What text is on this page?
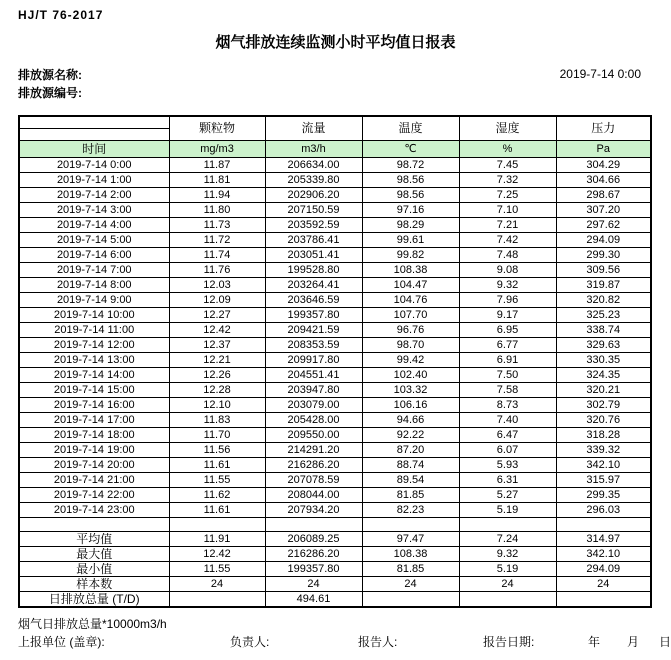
HJ/T 76-2017
烟气排放连续监测小时平均值日报表
排放源名称:	2019-7-14 0:00
排放源编号:
	颗粒物	流量	温度	湿度	压力

时间	mg/m3	m3/h	℃	%	Pa
2019-7-14 0:00	11.87	206634.00	98.72	7.45	304.29
2019-7-14 1:00	11.81	205339.80	98.56	7.32	304.66
2019-7-14 2:00	11.94	202906.20	98.56	7.25	298.67
2019-7-14 3:00	11.80	207150.59	97.16	7.10	307.20
2019-7-14 4:00	11.73	203592.59	98.29	7.21	297.62
2019-7-14 5:00	11.72	203786.41	99.61	7.42	294.09
2019-7-14 6:00	11.74	203051.41	99.82	7.48	299.30
2019-7-14 7:00	11.76	199528.80	108.38	9.08	309.56
2019-7-14 8:00	12.03	203264.41	104.47	9.32	319.87
2019-7-14 9:00	12.09	203646.59	104.76	7.96	320.82
2019-7-14 10:00	12.27	199357.80	107.70	9.17	325.23
2019-7-14 11:00	12.42	209421.59	96.76	6.95	338.74
2019-7-14 12:00	12.37	208353.59	98.70	6.77	329.63
2019-7-14 13:00	12.21	209917.80	99.42	6.91	330.35
2019-7-14 14:00	12.26	204551.41	102.40	7.50	324.35
2019-7-14 15:00	12.28	203947.80	103.32	7.58	320.21
2019-7-14 16:00	12.10	203079.00	106.16	8.73	302.79
2019-7-14 17:00	11.83	205428.00	94.66	7.40	320.76
2019-7-14 18:00	11.70	209550.00	92.22	6.47	318.28
2019-7-14 19:00	11.56	214291.20	87.20	6.07	339.32
2019-7-14 20:00	11.61	216286.20	88.74	5.93	342.10
2019-7-14 21:00	11.55	207078.59	89.54	6.31	315.97
2019-7-14 22:00	11.62	208044.00	81.85	5.27	299.35
2019-7-14 23:00	11.61	207934.20	82.23	5.19	296.03

平均值	11.91	206089.25	97.47	7.24	314.97
最大值	12.42	216286.20	108.38	9.32	342.10
最小值	11.55	199357.80	81.85	5.19	294.09
样本数	24	24	24	24	24
日排放总量 (T/D)		494.61			
烟气日排放总量*10000m3/h
上报单位 (盖章):	负责人:	报告人:	报告日期:	年 月 日
